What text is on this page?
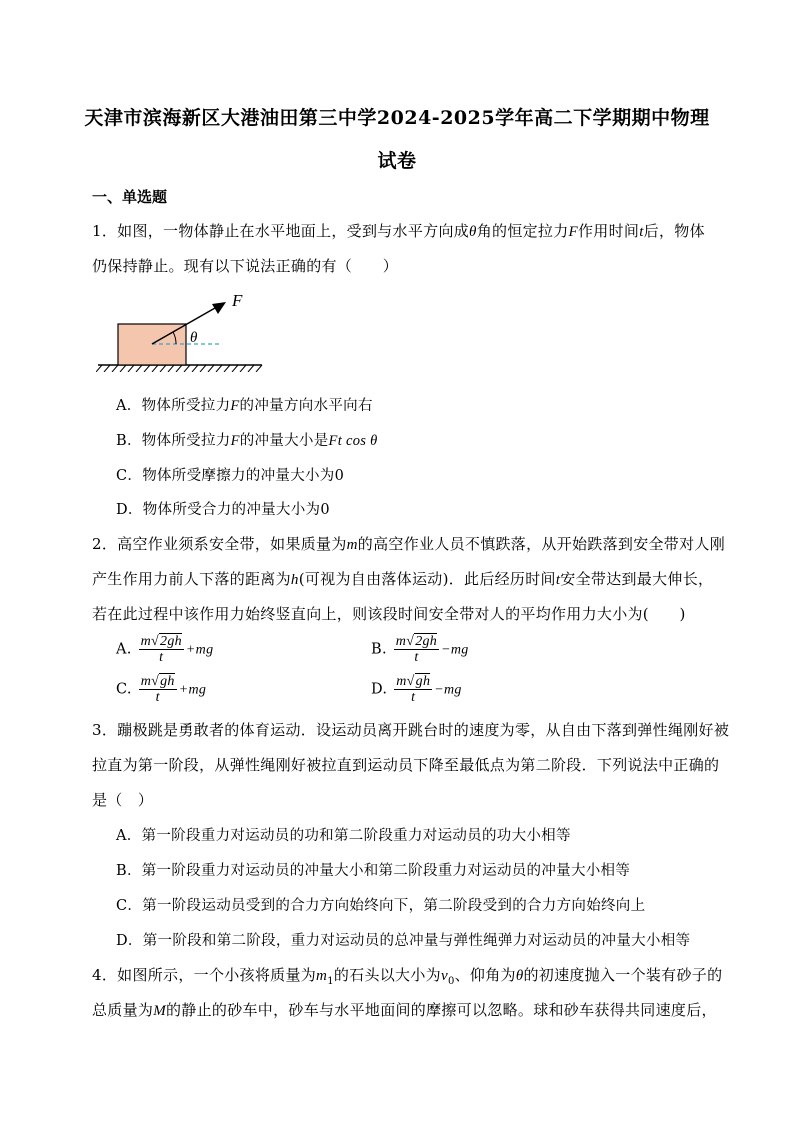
天津市滨海新区大港油田第三中学2024-2025学年高二下学期期中物理
试卷
一、单选题
1．如图，一物体静止在水平地面上，受到与水平方向成θ角的恒定拉力F作用时间t后，物体
仍保持静止。现有以下说法正确的有（　　）
F
θ
A．物体所受拉力F的冲量方向水平向右
B．物体所受拉力F的冲量大小是Ft cos θ
C．物体所受摩擦力的冲量大小为0
D．物体所受合力的冲量大小为0
2．高空作业须系安全带，如果质量为m的高空作业人员不慎跌落，从开始跌落到安全带对人刚
产生作用力前人下落的距离为h(可视为自由落体运动)．此后经历时间t安全带达到最大伸长，
若在此过程中该作用力始终竖直向上，则该段时间安全带对人的平均作用力大小为(　　)
A. $\frac{m√2gh}{t} +mg$	B. $\frac{m√2gh}{t} -mg$
C. $\frac{m√gh}{t} +mg$	D. $\frac{m√gh}{t} -mg$
3．蹦极跳是勇敢者的体育运动．设运动员离开跳台时的速度为零，从自由下落到弹性绳刚好被
拉直为第一阶段，从弹性绳刚好被拉直到运动员下降至最低点为第二阶段．下列说法中正确的
是（　）
A．第一阶段重力对运动员的功和第二阶段重力对运动员的功大小相等
B．第一阶段重力对运动员的冲量大小和第二阶段重力对运动员的冲量大小相等
C．第一阶段运动员受到的合力方向始终向下，第二阶段受到的合力方向始终向上
D．第一阶段和第二阶段，重力对运动员的总冲量与弹性绳弹力对运动员的冲量大小相等
4．如图所示，一个小孩将质量为$m_1$的石头以大小为$v_0$、仰角为θ的初速度抛入一个装有砂子的
总质量为M的静止的砂车中，砂车与水平地面间的摩擦可以忽略。球和砂车获得共同速度后，
